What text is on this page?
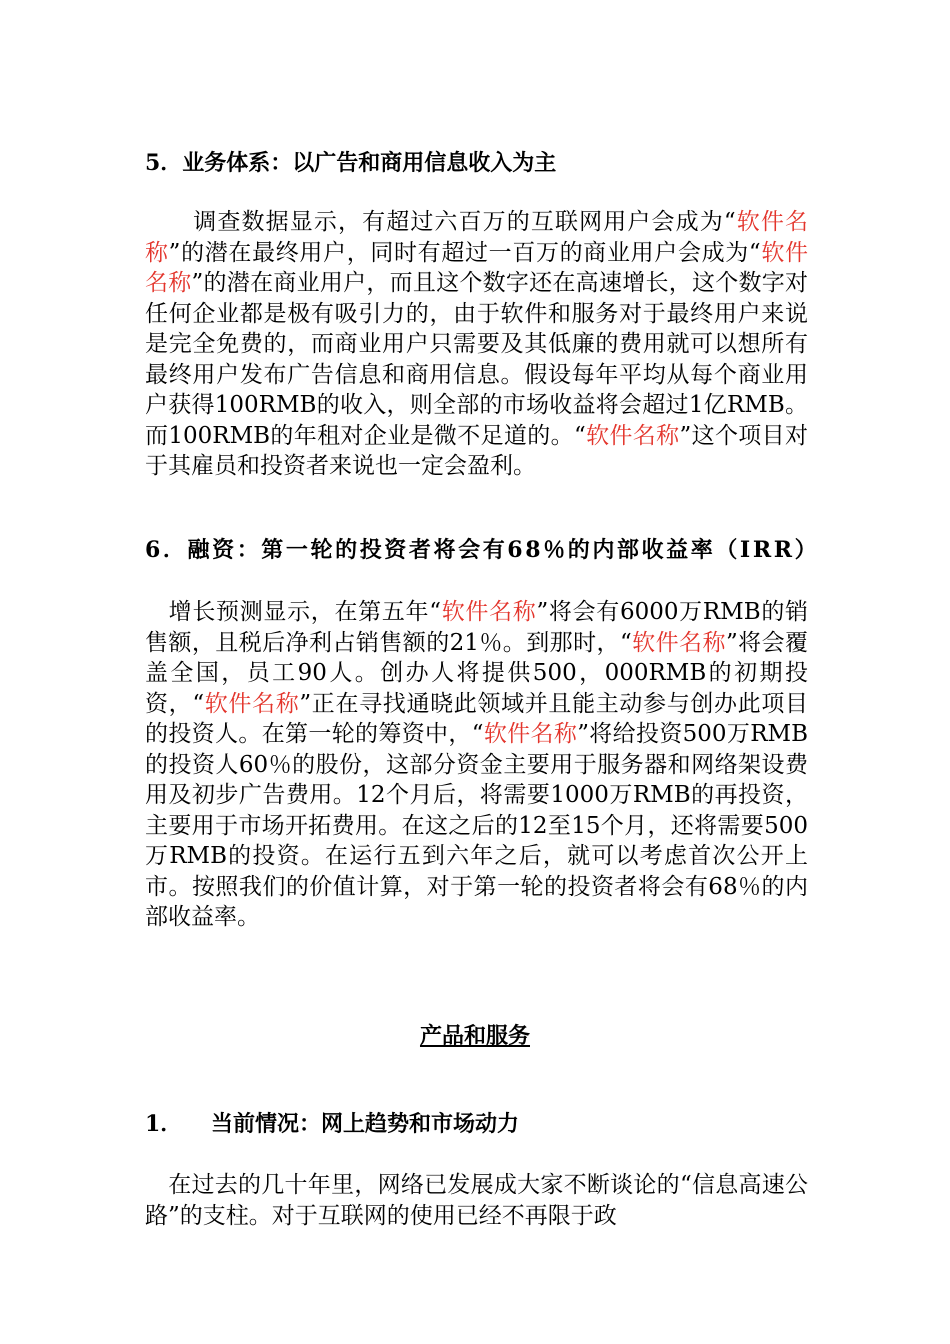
5．业务体系：以广告和商用信息收入为主
　　调查数据显示，有超过六百万的互联网用户会成为“软件名称”的潜在最终用户，同时有超过一百万的商业用户会成为“软件名称”的潜在商业用户，而且这个数字还在高速增长，这个数字对任何企业都是极有吸引力的，由于软件和服务对于最终用户来说是完全免费的，而商业用户只需要及其低廉的费用就可以想所有最终用户发布广告信息和商用信息。假设每年平均从每个商业用户获得100RMB的收入，则全部的市场收益将会超过1亿RMB。而100RMB的年租对企业是微不足道的。“软件名称”这个项目对于其雇员和投资者来说也一定会盈利。
6．融资：第一轮的投资者将会有68％的内部收益率（IRR）
　增长预测显示，在第五年“软件名称”将会有6000万RMB的销售额，且税后净利占销售额的21％。到那时，“软件名称”将会覆盖全国，员工90人。创办人将提供500，000RMB的初期投资，“软件名称”正在寻找通晓此领域并且能主动参与创办此项目的投资人。在第一轮的筹资中，“软件名称”将给投资500万RMB的投资人60％的股份，这部分资金主要用于服务器和网络架设费用及初步广告费用。12个月后，将需要1000万RMB的再投资，主要用于市场开拓费用。在这之后的12至15个月，还将需要500万RMB的投资。在运行五到六年之后，就可以考虑首次公开上市。按照我们的价值计算，对于第一轮的投资者将会有68％的内部收益率。
产品和服务
1． 当前情况：网上趋势和市场动力
　在过去的几十年里，网络已发展成大家不断谈论的“信息高速公路”的支柱。对于互联网的使用已经不再限于政
